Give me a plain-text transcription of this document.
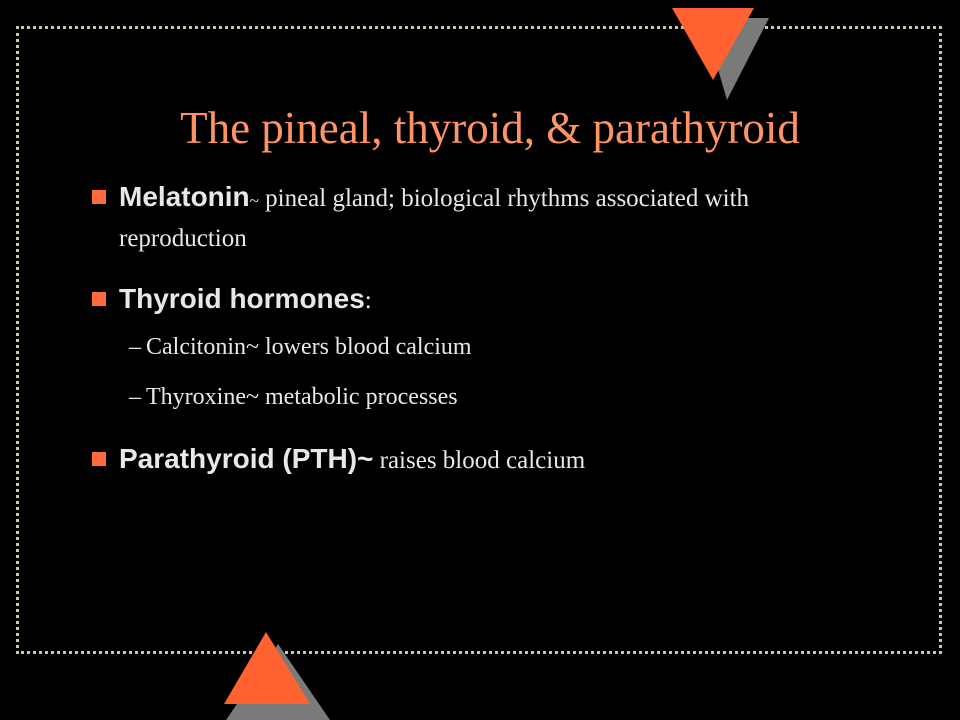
The pineal, thyroid, & parathyroid
Melatonin~ pineal gland; biological rhythms associated with reproduction
Thyroid hormones:
– Calcitonin~ lowers blood calcium
– Thyroxine~ metabolic processes
Parathyroid (PTH)~ raises blood calcium
